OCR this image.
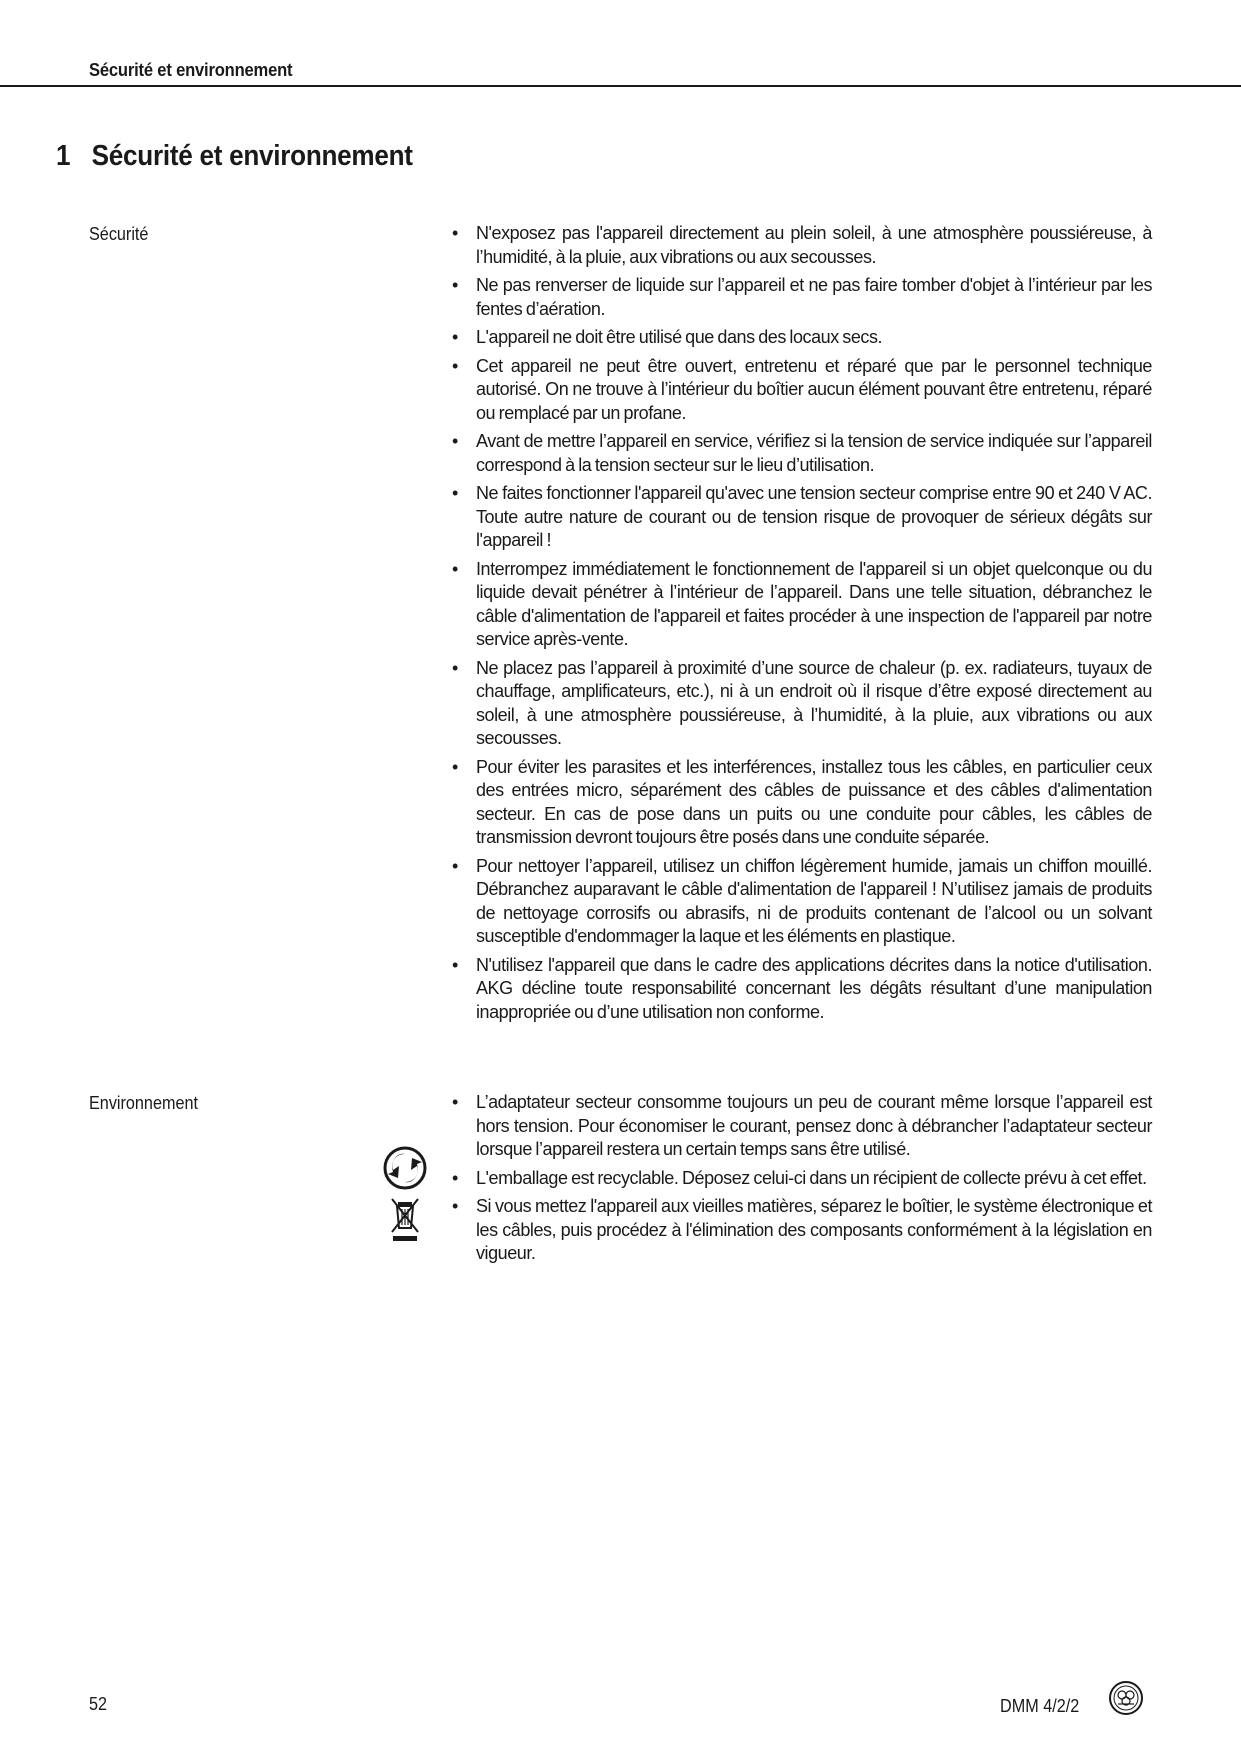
Sécurité et environnement
1 Sécurité et environnement
Sécurité	• N'exposez pas l'appareil directement au plein soleil, à une atmosphère poussiéreuse, à l’humidité, à la pluie, aux vibrations ou aux secousses.
• Ne pas renverser de liquide sur l’appareil et ne pas faire tomber d'objet à l’intérieur par les fentes d’aération.
• L'appareil ne doit être utilisé que dans des locaux secs.
• Cet appareil ne peut être ouvert, entretenu et réparé que par le personnel technique autorisé. On ne trouve à l’intérieur du boîtier aucun élément pouvant être entretenu, réparé ou remplacé par un profane.
• Avant de mettre l’appareil en service, vérifiez si la tension de service indiquée sur l’appareil correspond à la tension secteur sur le lieu d’utilisation.
• Ne faites fonctionner l'appareil qu'avec une tension secteur comprise entre 90 et 240 V AC. Toute autre nature de courant ou de tension risque de provoquer de sérieux dégâts sur l'appareil !
• Interrompez immédiatement le fonctionnement de l'appareil si un objet quelconque ou du liquide devait pénétrer à l’intérieur de l’appareil. Dans une telle situation, débranchez le câble d'alimentation de l'appareil et faites procéder à une inspection de l'appareil par notre service après-vente.
• Ne placez pas l’appareil à proximité d’une source de chaleur (p. ex. radiateurs, tuyaux de chauffage, amplificateurs, etc.), ni à un endroit où il risque d’être exposé directement au soleil, à une atmosphère poussiéreuse, à l’humidité, à la pluie, aux vibrations ou aux secousses.
• Pour éviter les parasites et les interférences, installez tous les câbles, en particulier ceux des entrées micro, séparément des câbles de puissance et des câbles d'alimentation secteur. En cas de pose dans un puits ou une conduite pour câbles, les câbles de transmission devront toujours être posés dans une conduite séparée.
• Pour nettoyer l’appareil, utilisez un chiffon légèrement humide, jamais un chiffon mouillé. Débranchez auparavant le câble d'alimentation de l'appareil ! N’utilisez jamais de produits de nettoyage corrosifs ou abrasifs, ni de produits contenant de l’alcool ou un solvant susceptible d'endommager la laque et les éléments en plastique.
• N'utilisez l'appareil que dans le cadre des applications décrites dans la notice d'utilisation. AKG décline toute responsabilité concernant les dégâts résultant d’une manipulation inappropriée ou d’une utilisation non conforme.
Environnement	• L’adaptateur secteur consomme toujours un peu de courant même lorsque l’appareil est hors tension. Pour économiser le courant, pensez donc à débrancher l’adaptateur secteur lorsque l’appareil restera un certain temps sans être utilisé.
• L'emballage est recyclable. Déposez celui-ci dans un récipient de collecte prévu à cet effet.
• Si vous mettez l'appareil aux vieilles matières, séparez le boîtier, le système électronique et les câbles, puis procédez à l'élimination des composants conformément à la législation en vigueur.
52	DMM 4/2/2
